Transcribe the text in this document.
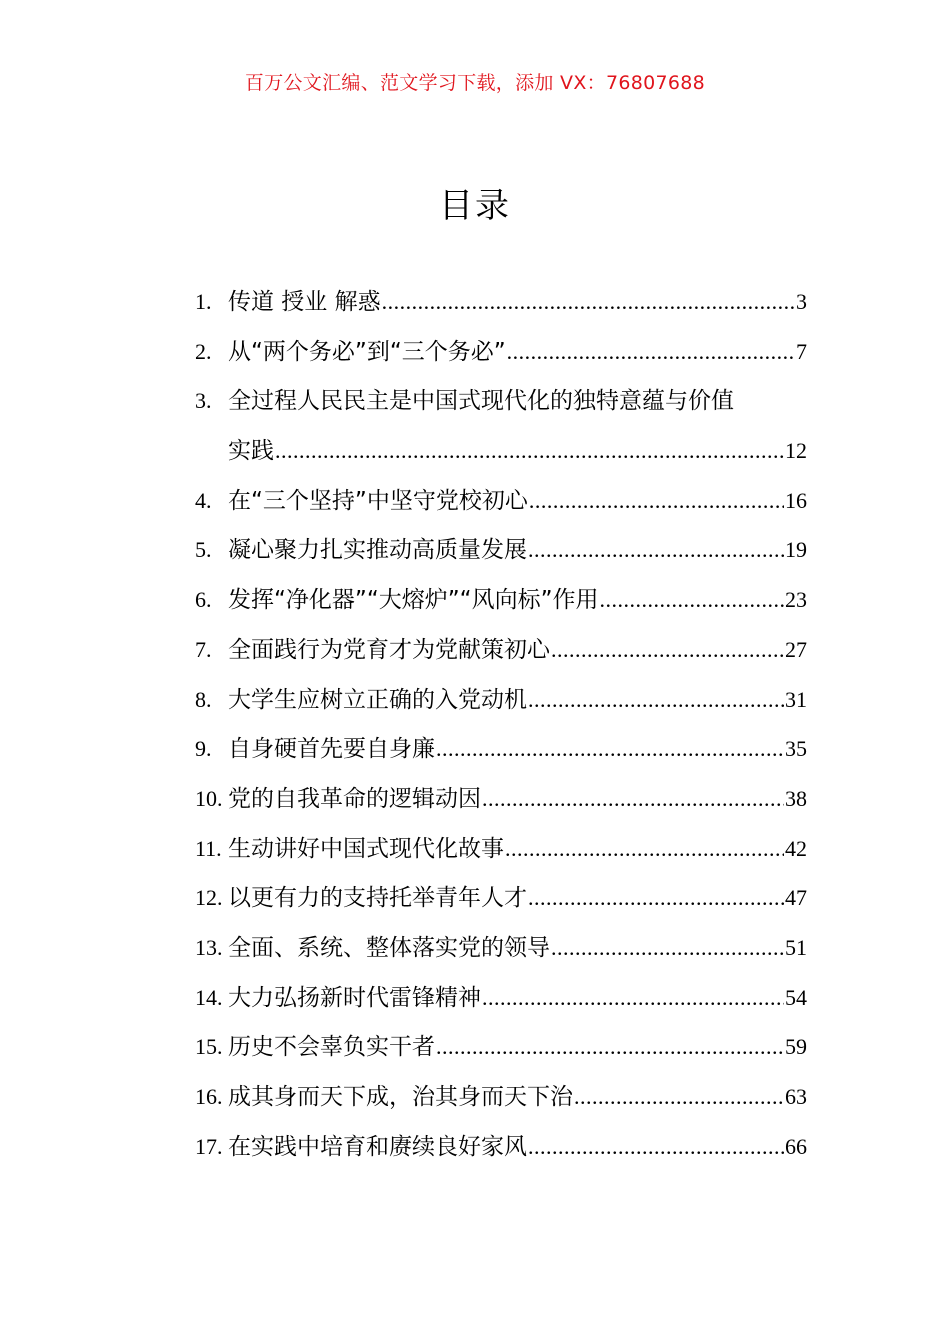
百万公文汇编、范文学习下载，添加 VX：76807688
目录
1. 传道 授业 解惑 .....	3
2. 从“两个务必”到“三个务必” .....	7
3. 全过程人民民主是中国式现代化的独特意蕴与价值
实践 .....	12
4. 在“三个坚持”中坚守党校初心 .....	16
5. 凝心聚力扎实推动高质量发展 .....	19
6. 发挥“净化器”“大熔炉”“风向标”作用 .....	23
7. 全面践行为党育才为党献策初心 .....	27
8. 大学生应树立正确的入党动机 .....	31
9. 自身硬首先要自身廉 .....	35
10. 党的自我革命的逻辑动因 .....	38
11. 生动讲好中国式现代化故事 .....	42
12. 以更有力的支持托举青年人才 .....	47
13. 全面、系统、整体落实党的领导 .....	51
14. 大力弘扬新时代雷锋精神 .....	54
15. 历史不会辜负实干者 .....	59
16. 成其身而天下成，治其身而天下治 .....	63
17. 在实践中培育和赓续良好家风 .....	66
